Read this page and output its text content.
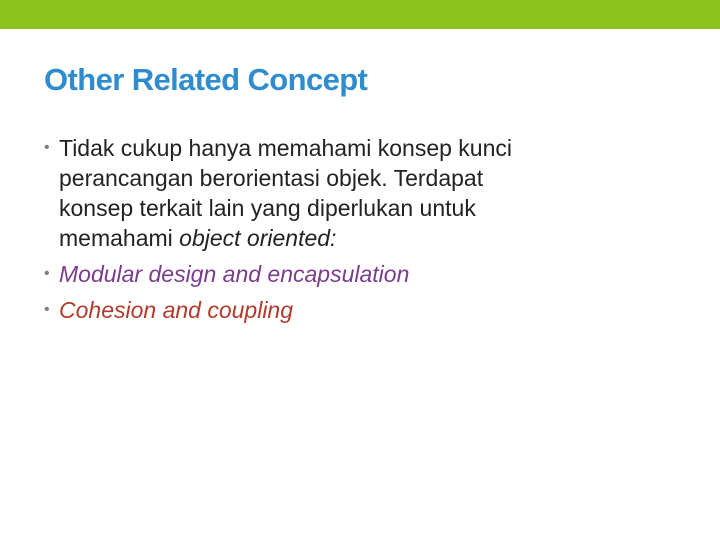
Other Related Concept
• Tidak cukup hanya memahami konsep kunci
perancangan berorientasi objek. Terdapat
konsep terkait lain yang diperlukan untuk
memahami object oriented:
• Modular design and encapsulation
• Cohesion and coupling
